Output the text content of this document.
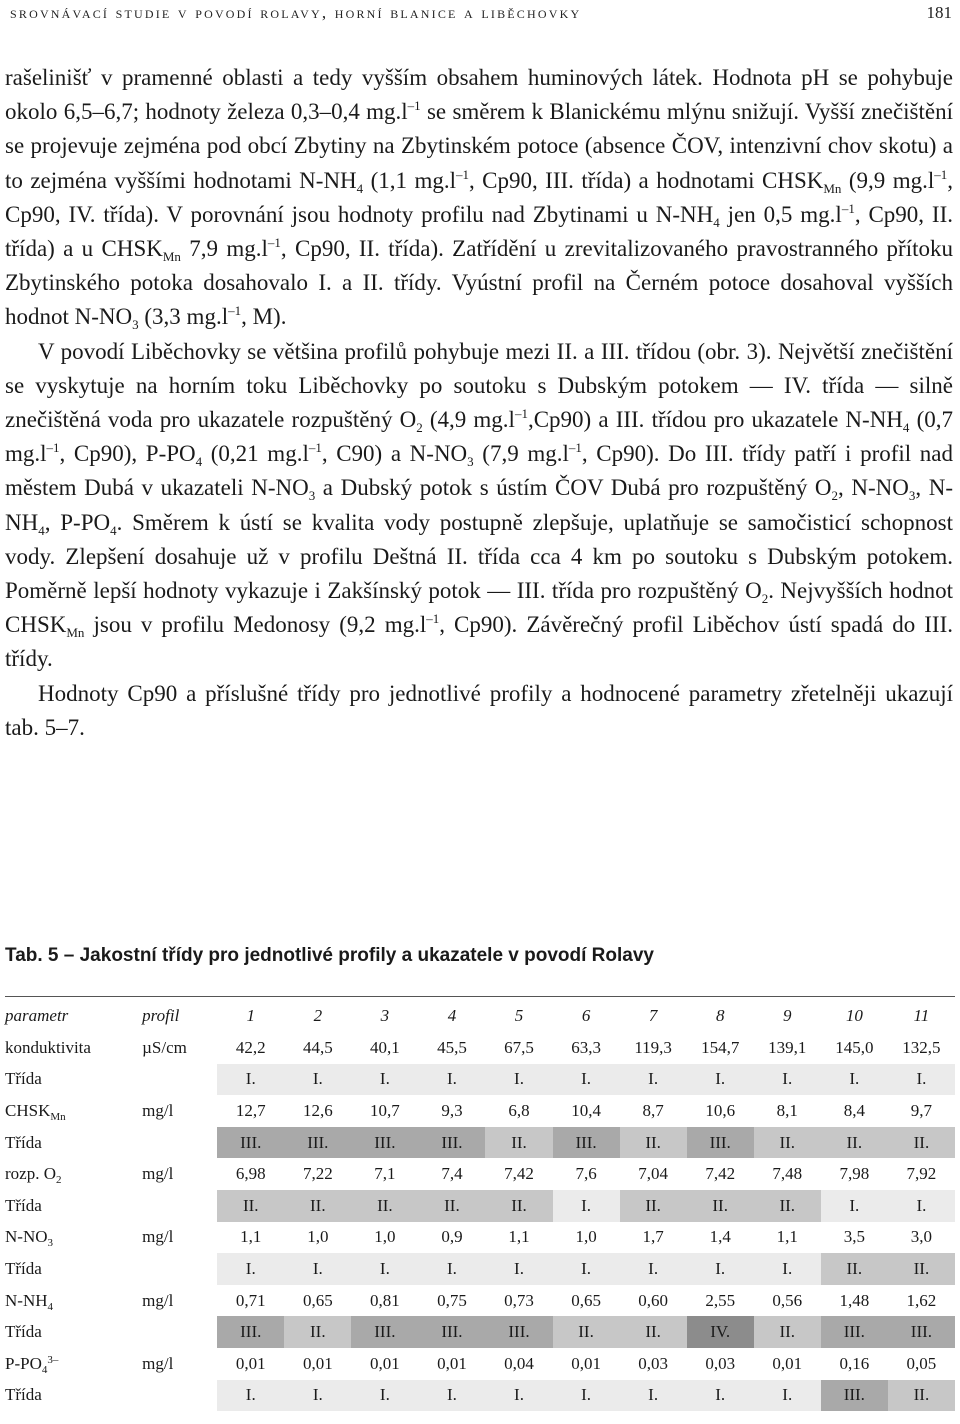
srovnávací studie v povodí rolavy, horní blanice a liběchovky	181

rašelinišť v pramenné oblasti a tedy vyšším obsahem huminových látek. Hodnota pH se pohybuje okolo 6,5–6,7; hodnoty železa 0,3–0,4 $mg.l^{-1}$ se směrem k Blanickému mlýnu snižují. Vyšší znečištění se projevuje zejména pod obcí Zbytiny na Zbytinském potoce (absence ČOV, intenzivní chov skotu) a to zejména vyššími hodnotami $N-NH_4$ (1,1 $mg.l^{-1}$, Cp90, III. třída) a hodnotami $CHSK_{Mn}$ (9,9 $mg.l^{-1}$, Cp90, IV. třída). V porovnání jsou hodnoty profilu nad Zbytinami u $N-NH_4$ jen 0,5 $mg.l^{-1}$, Cp90, II. třída) a u $CHSK_{Mn}$ 7,9 $mg.l^{-1}$, Cp90, II. třída). Zatřídění u zrevitalizovaného pravostranného přítoku Zbytinského potoka dosahovalo I. a II. třídy. Vyústní profil na Černém potoce dosahoval vyšších hodnot $N-NO_3$ (3,3 $mg.l^{-1}$, M).

V povodí Liběchovky se většina profilů pohybuje mezi II. a III. třídou (obr. 3). Největší znečištění se vyskytuje na horním toku Liběchovky po soutoku s Dubským potokem — IV. třída — silně znečištěná voda pro ukazatele rozpuštěný $O_2$ (4,9 $mg.l^{-1},Cp90$) a III. třídou pro ukazatele $N-NH_4$ (0,7 $mg.l^{-1}$, Cp90), $P-PO_4$ (0,21 $mg.l^{-1}$, C90) a $N-NO_3$ (7,9 $mg.l^{-1}$, Cp90). Do III. třídy patří i profil nad městem Dubá v ukazateli $N-NO_3$ a Dubský potok s ústím ČOV Dubá pro rozpuštěný $O_2$, $N-NO_3$, $N-NH_4$, $P-PO_4$. Směrem k ústí se kvalita vody postupně zlepšuje, uplatňuje se samočisticí schopnost vody. Zlepšení dosahuje už v profilu Deštná II. třída cca 4 km po soutoku s Dubským potokem. Poměrně lepší hodnoty vykazuje i Zakšínský potok — III. třída pro rozpuštěný $O_2$. Nejvyšších hodnot $CHSK_{Mn}$ jsou v profilu Medonosy (9,2 $mg.l^{-1}$, Cp90). Závěrečný profil Liběchov ústí spadá do III. třídy.

Hodnoty Cp90 a příslušné třídy pro jednotlivé profily a hodnocené parametry zřetelněji ukazují tab. 5–7.

Tab. 5 – Jakostní třídy pro jednotlivé profily a ukazatele v povodí Rolavy
parametr	profil	1	2	3	4	5	6	7	8	9	10	11
konduktivita	µS/cm	42,2	44,5	40,1	45,5	67,5	63,3	119,3	154,7	139,1	145,0	132,5
Třída		I.	I.	I.	I.	I.	I.	I.	I.	I.	I.	I.
$CHSK_{Mn}$	mg/l	12,7	12,6	10,7	9,3	6,8	10,4	8,7	10,6	8,1	8,4	9,7
Třída		III.	III.	III.	III.	II.	III.	II.	III.	II.	II.	II.
rozp. $O_2$	mg/l	6,98	7,22	7,1	7,4	7,42	7,6	7,04	7,42	7,48	7,98	7,92
Třída		II.	II.	II.	II.	II.	I.	II.	II.	II.	I.	I.
$N-NO_3$	mg/l	1,1	1,0	1,0	0,9	1,1	1,0	1,7	1,4	1,1	3,5	3,0
Třída		I.	I.	I.	I.	I.	I.	I.	I.	I.	II.	II.
$N-NH_4$	mg/l	0,71	0,65	0,81	0,75	0,73	0,65	0,60	2,55	0,56	1,48	1,62
Třída		III.	II.	III.	III.	III.	II.	II.	IV.	II.	III.	III.
$P-PO_4^{3-}$	mg/l	0,01	0,01	0,01	0,01	0,04	0,01	0,03	0,03	0,01	0,16	0,05
Třída		I.	I.	I.	I.	I.	I.	I.	I.	I.	III.	II.
